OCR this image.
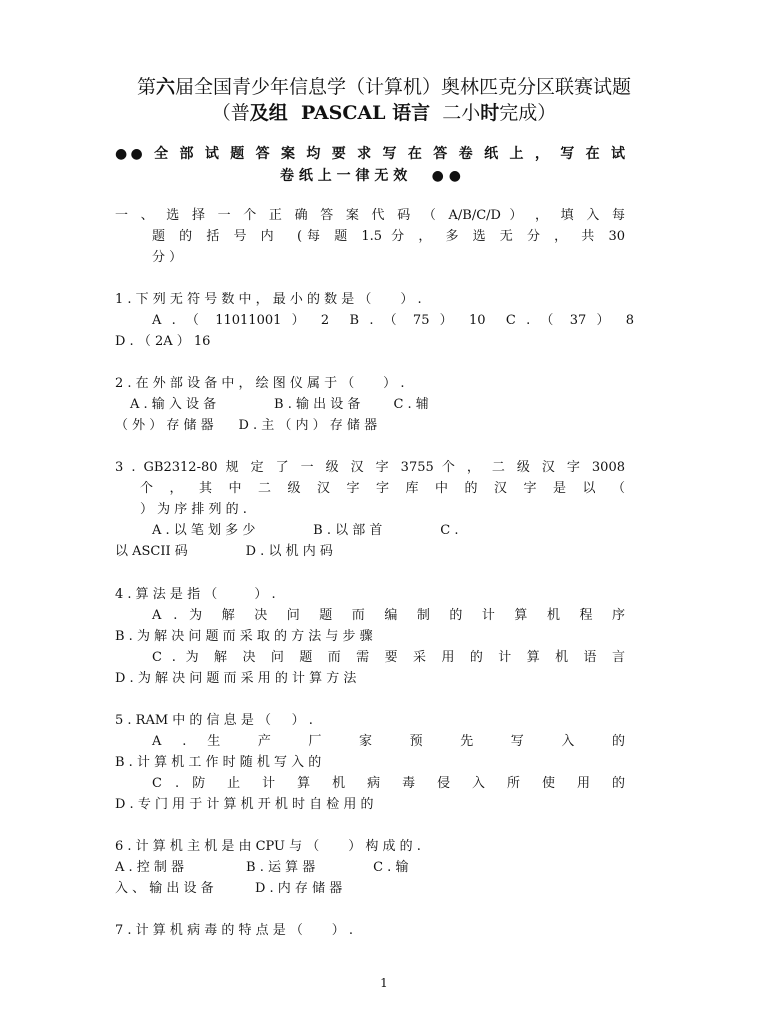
第六届全国青少年信息学（计算机）奥林匹克分区联赛试题
（普及组  PASCAL 语言  二小时完成）
●● 全 部 试 题 答 案 均 要 求 写 在 答 卷 纸 上 ， 写 在 试
卷 纸 上 一 律 无 效     ● ●
一 、 选 择 一 个 正 确 答 案 代 码 （ A/B/C/D ） ， 填 入 每
题 的 括 号 内  (每 题 1.5 分 ， 多 选 无 分 ， 共 30
分 ）
1 . 下 列 无 符 号 数 中 ， 最 小 的 数 是 （       ） .
A . （ 11011001 ） 2  B . （ 75 ） 10  C . （ 37 ） 8
D . （ 2A ） 16
2 . 在 外 部 设 备 中 ， 绘 图 仪 属 于 （       ） .
A . 输 入 设 备              B . 输 出 设 备        C . 辅
（ 外 ） 存 储 器      D . 主 （ 内 ） 存 储 器
3 . GB2312-80 规 定 了 一 级 汉 字 3755 个 ， 二 级 汉 字 3008
个 ， 其 中 二 级 汉 字 字 库 中 的 汉 字 是 以 （
） 为 序 排 列 的 .
A . 以 笔 划 多 少              B . 以 部 首              C .
以 ASCII 码              D . 以 机 内 码
4 . 算 法 是 指 （         ） .
A . 为 解 决 问 题 而 编 制 的 计 算 机 程 序
B . 为 解 决 问 题 而 采 取 的 方 法 与 步 骤
C . 为 解 决 问 题 而 需 要 采 用 的 计 算 机 语 言
D . 为 解 决 问 题 而 采 用 的 计 算 方 法
5 . RAM 中 的 信 息 是 （     ） .
A . 生 产 厂 家 预 先 写 入 的
B . 计 算 机 工 作 时 随 机 写 入 的
C . 防 止 计 算 机 病 毒 侵 入 所 使 用 的
D . 专 门 用 于 计 算 机 开 机 时 自 检 用 的
6 . 计 算 机 主 机 是 由 CPU 与 （       ） 构 成 的 .
A . 控 制 器               B . 运 算 器              C . 输
入 、 输 出 设 备          D . 内 存 储 器
7 . 计 算 机 病 毒 的 特 点 是 （       ） .
1
